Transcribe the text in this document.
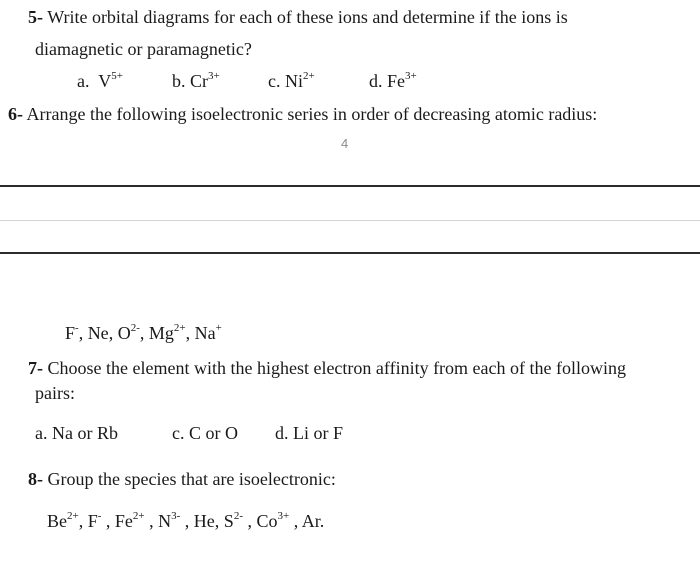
5- Write orbital diagrams for each of these ions and determine if the ions is
diamagnetic or paramagnetic?
a. $V^{5+}$	b. $Cr^{3+}$	c. $Ni^{2+}$	d. $Fe^{3+}$
6- Arrange the following isoelectronic series in order of decreasing atomic radius:
4
F-, Ne, $O^{2-}$, $Mg^{2+}$, Na+
7- Choose the element with the highest electron affinity from each of the following
pairs:
a. Na or Rb	c. C or O d. Li or F
8- Group the species that are isoelectronic:
$Be^{2+}$, F- , $Fe^{2+}$ , $N^{3-}$ , He, $S^{2-}$ , $Co^{3+}$ , Ar.
